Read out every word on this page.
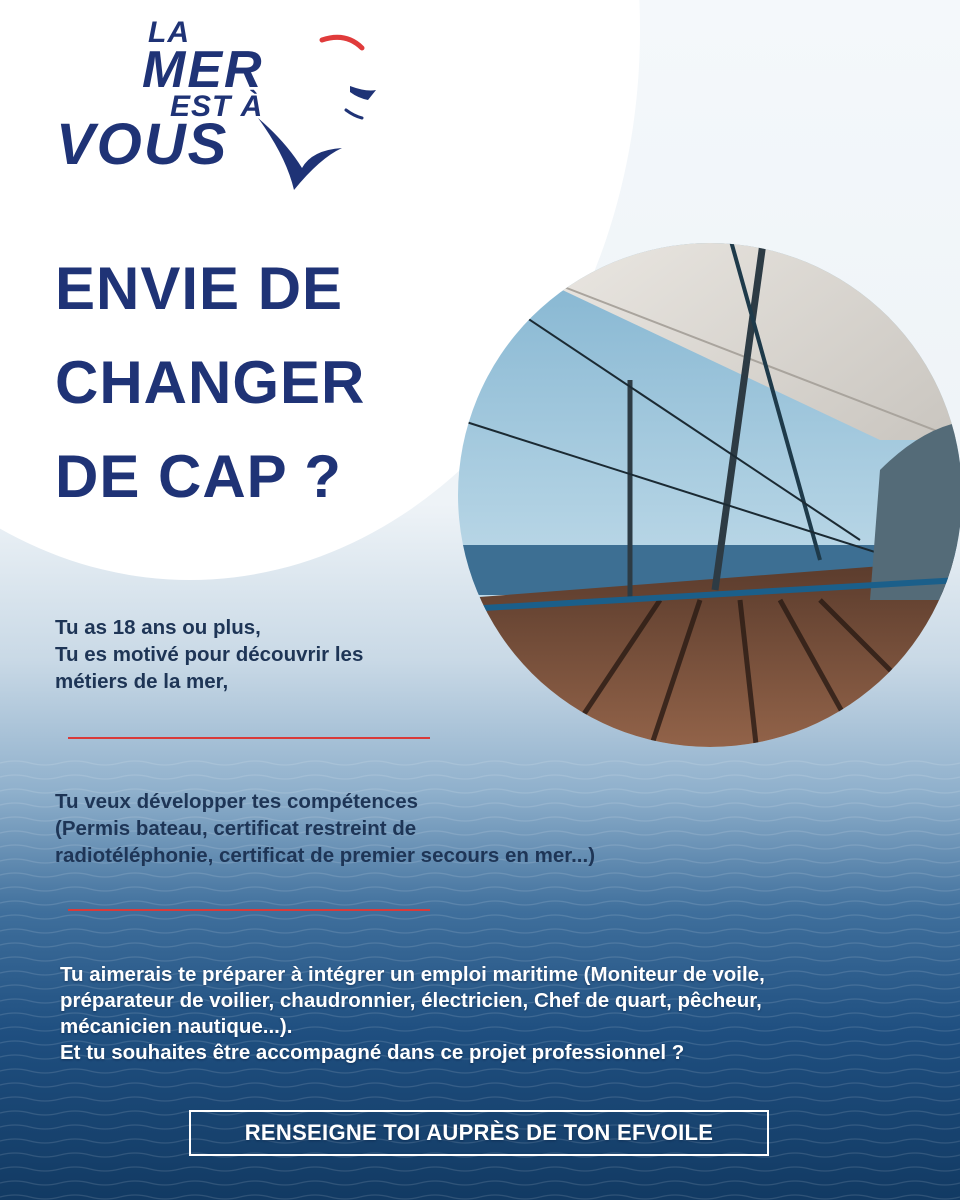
LA
MER
EST À
VOUS
ENVIE DE
CHANGER
DE CAP ?

Tu as 18 ans ou plus,
Tu es motivé pour découvrir les
métiers de la mer,

Tu veux développer tes compétences
(Permis bateau, certificat restreint de
radiotéléphonie, certificat de premier secours en mer...)

Tu aimerais te préparer à intégrer un emploi maritime (Moniteur de voile,
préparateur de voilier, chaudronnier, électricien, Chef de quart, pêcheur,
mécanicien nautique...).
Et tu souhaites être accompagné dans ce projet professionnel ?

RENSEIGNE TOI AUPRÈS DE TON EFVOILE
